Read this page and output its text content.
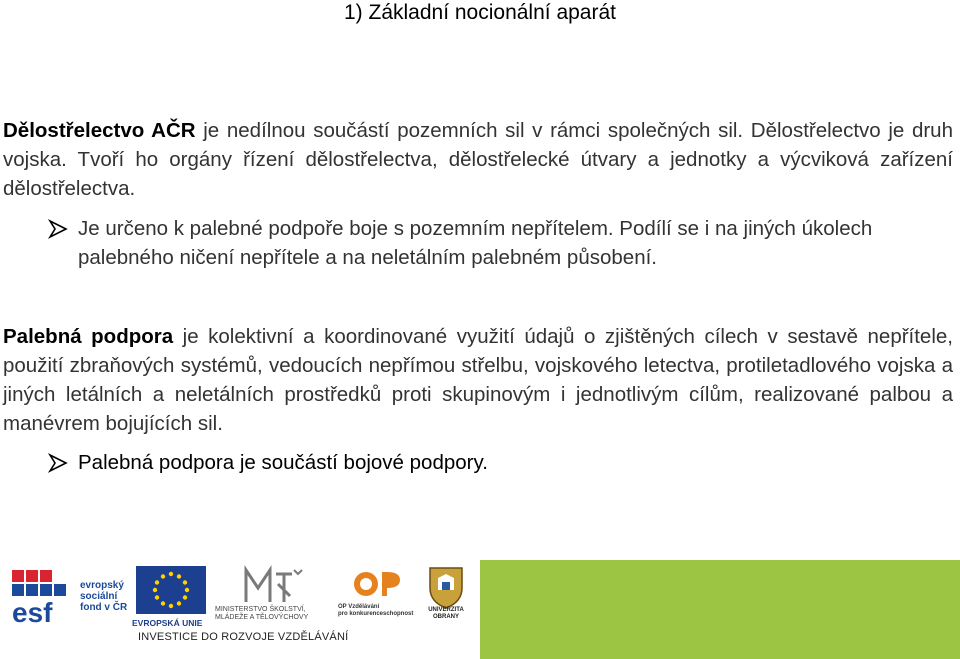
1) Základní nocionální aparát
Dělostřelectvo AČR je nedílnou součástí pozemních sil v rámci společných sil. Dělostřelectvo je druh vojska. Tvoří ho orgány řízení dělostřelectva, dělostřelecké útvary a jednotky a výcviková zařízení dělostřelectva.
Je určeno k palebné podpoře boje s pozemním nepřítelem. Podílí se i na jiných úkolech palebného ničení nepřítele a na neletálním palebném působení.
Palebná podpora je kolektivní a koordinované využití údajů o zjištěných cílech v sestavě nepřítele, použití zbraňových systémů, vedoucích nepřímou střelbu, vojskového letectva, protiletadlového vojska a jiných letálních a neletálních prostředků proti skupinovým i jednotlivým cílům, realizované palbou a manévrem bojujících sil.
Palebná podpora je součástí bojové podpory.
esf
evropský
sociální
fond v ČR
EVROPSKÁ UNIE
MINISTERSTVO ŠKOLSTVÍ,
MLÁDEŽE A TĚLOVÝCHOVY
OP Vzdělávání
pro konkurenceschopnost
UNIVERZITA
OBRANY
INVESTICE DO ROZVOJE VZDĚLÁVÁNÍ
